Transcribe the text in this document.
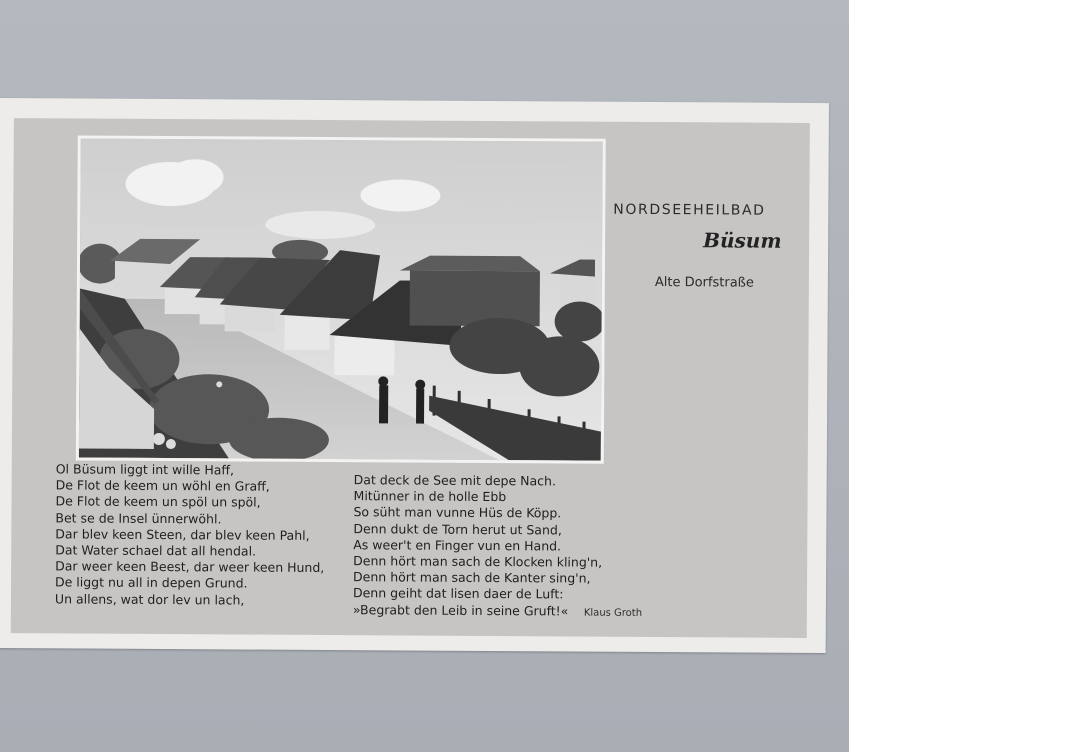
NORDSEEHEILBAD
Büsum
Alte Dorfstraße
Ol Büsum liggt int wille Haff,
De Flot de keem un wöhl en Graff,
De Flot de keem un spöl un spöl,
Bet se de Insel ünnerwöhl.
Dar blev keen Steen, dar blev keen Pahl,
Dat Water schael dat all hendal.
Dar weer keen Beest, dar weer keen Hund,
De liggt nu all in depen Grund.
Un allens, wat dor lev un lach,
Dat deck de See mit depe Nach.
Mitünner in de holle Ebb
So süht man vunne Hüs de Köpp.
Denn dukt de Torn herut ut Sand,
As weer't en Finger vun en Hand.
Denn hört man sach de Klocken kling'n,
Denn hört man sach de Kanter sing'n,
Denn geiht dat lisen daer de Luft:
»Begrabt den Leib in seine Gruft!«	Klaus Groth
